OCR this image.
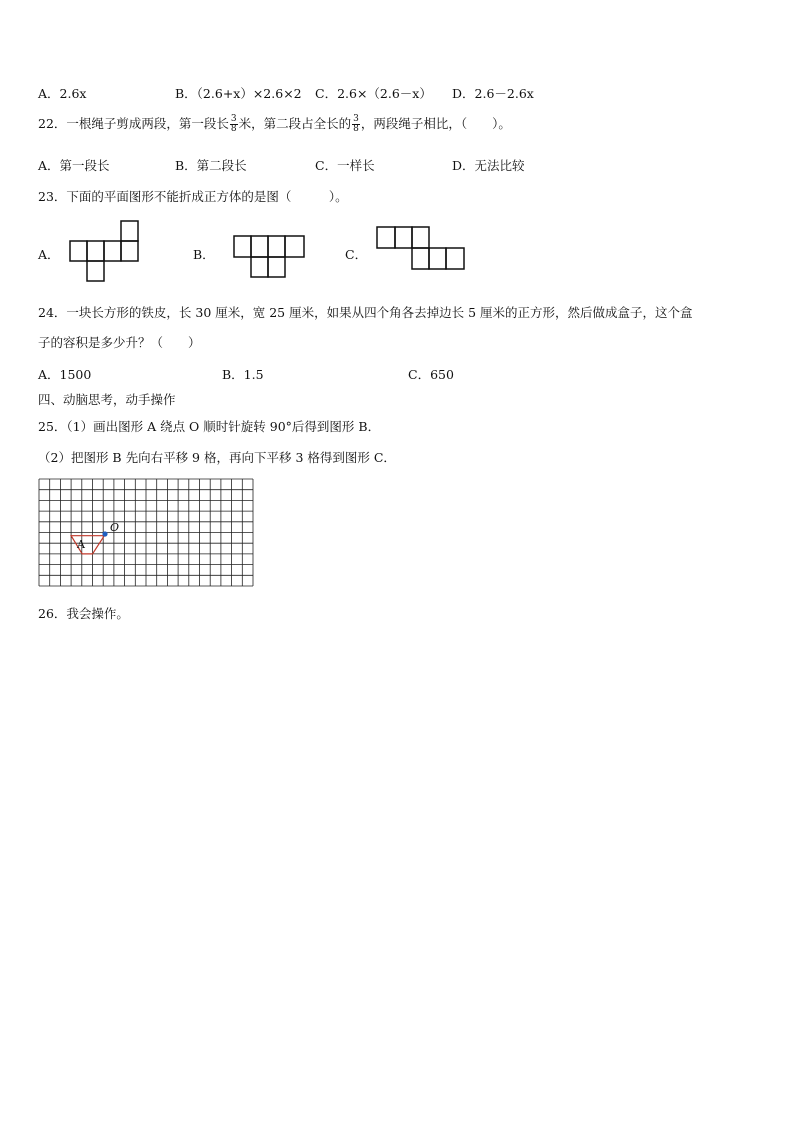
A．2.6x	B．（2.6+x）×2.6×2 C．2.6×（2.6－x） D．2.6－2.6x
22．一根绳子剪成两段，第一段长 $\frac{3}{8}$ 米，第二段占全长的 $\frac{3}{8}$ ，两段绳子相比，（　　）。
A．第一段长	B．第二段长	C．一样长	D．无法比较
23．下面的平面图形不能折成正方体的是图（　　　）。
A．	B．	C．
24．一块长方形的铁皮，长 30 厘米，宽 25 厘米，如果从四个角各去掉边长 5 厘米的正方形，然后做成盒子，这个盒
子的容积是多少升？（　　）
A．1500	B．1.5	C．650
四、动脑思考，动手操作
25．（1）画出图形 A 绕点 O 顺时针旋转 90°后得到图形 B．
（2）把图形 B 先向右平移 9 格，再向下平移 3 格得到图形 C．
A
O
26．我会操作。
